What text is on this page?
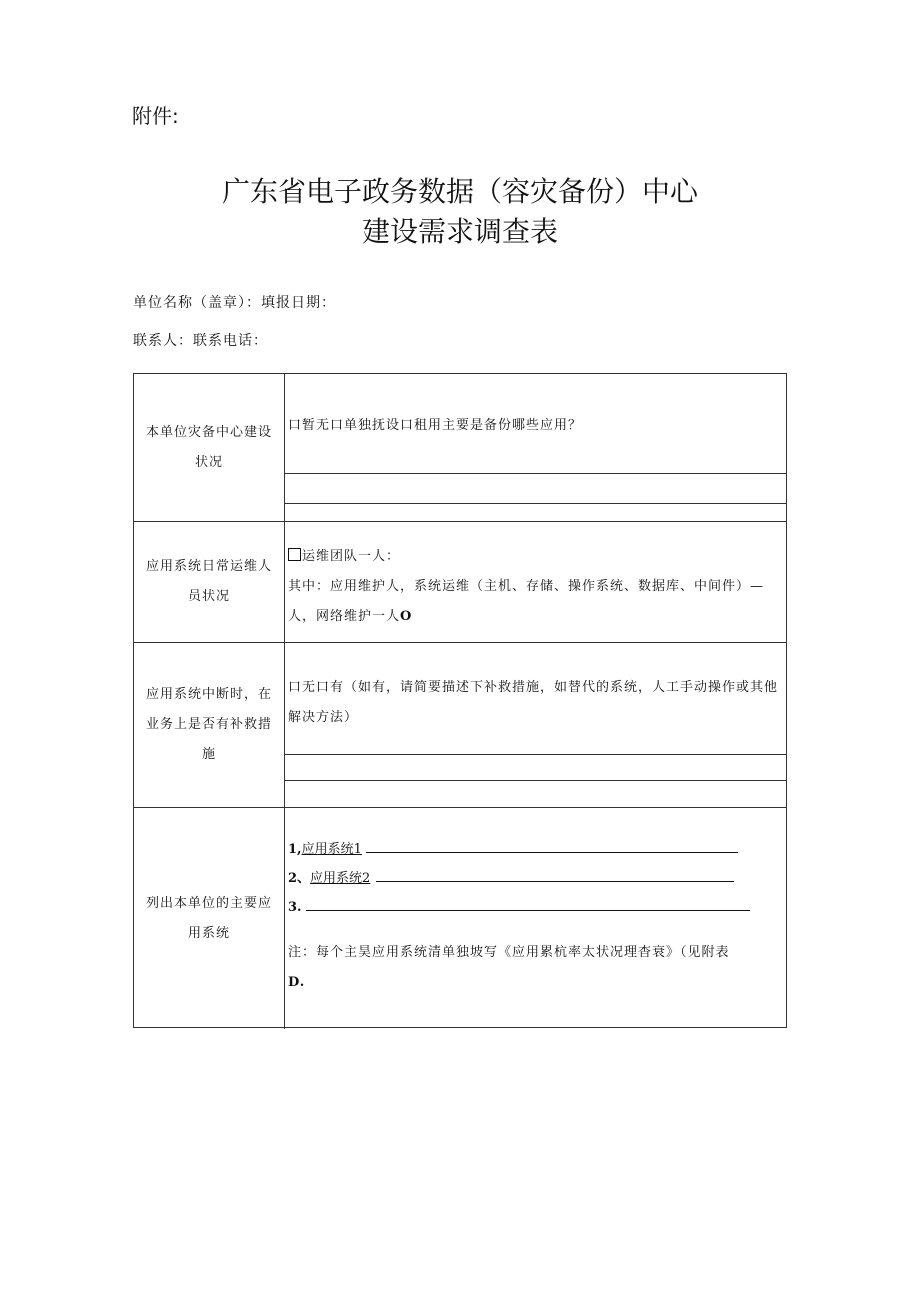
附件:
广东省电子政务数据（容灾备份）中心
建设需求调查表
单位名称（盖章）：填报日期：
联系人：联系电话：
本单位灾备中心建设状况
口暂无口单独抚设口租用主要是备份哪些应用？
应用系统日常运维人员状况
运维团队一人：
其中：应用维护人，系统运维（主机、存储、操作系统、数据库、中间件）—人，网络维护一人O
应用系统中断时，在业务上是否有补救措施
口无口有（如有，请简要描述下补救措施，如替代的系统，人工手动操作或其他解决方法）
列出本单位的主要应用系统
1,应用系统1
2、应用系统2
3.
注：每个主昊应用系统清单独坡写《应用累杭率太状况理杳衰》（见附表
D.
